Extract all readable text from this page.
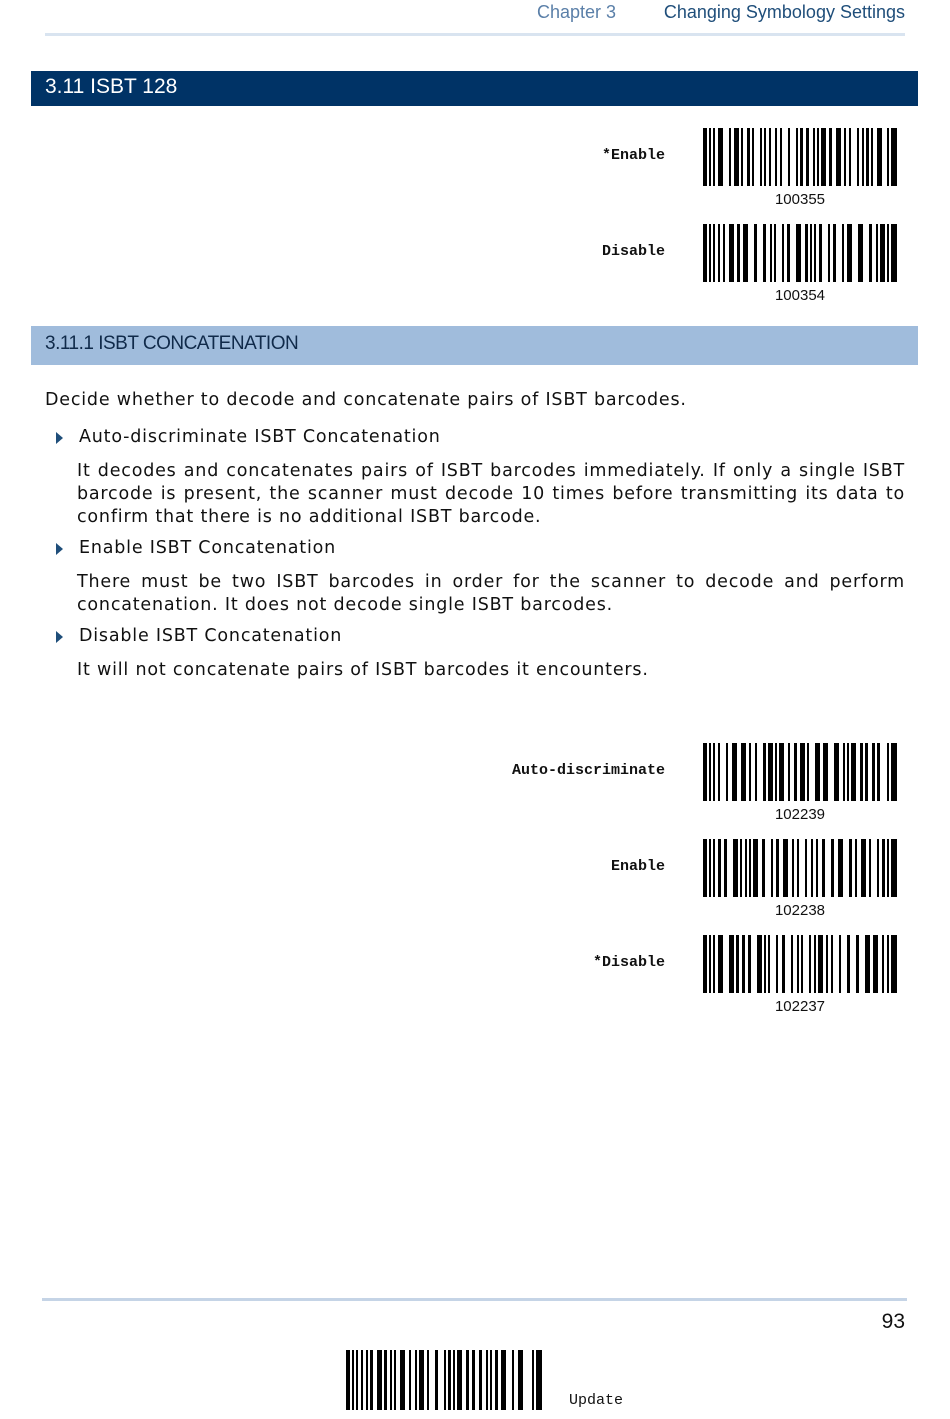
Chapter 3	Changing Symbology Settings
3.11 ISBT 128
*Enable
100355
Disable
100354
3.11.1 ISBT CONCATENATION
Decide whether to decode and concatenate pairs of ISBT barcodes.
Auto-discriminate ISBT Concatenation
It decodes and concatenates pairs of ISBT barcodes immediately. If only a single ISBT barcode is present, the scanner must decode 10 times before transmitting its data to confirm that there is no additional ISBT barcode.
Enable ISBT Concatenation
There must be two ISBT barcodes in order for the scanner to decode and perform concatenation. It does not decode single ISBT barcodes.
Disable ISBT Concatenation
It will not concatenate pairs of ISBT barcodes it encounters.
Auto-discriminate
102239
Enable
102238
*Disable
102237
93
Update
